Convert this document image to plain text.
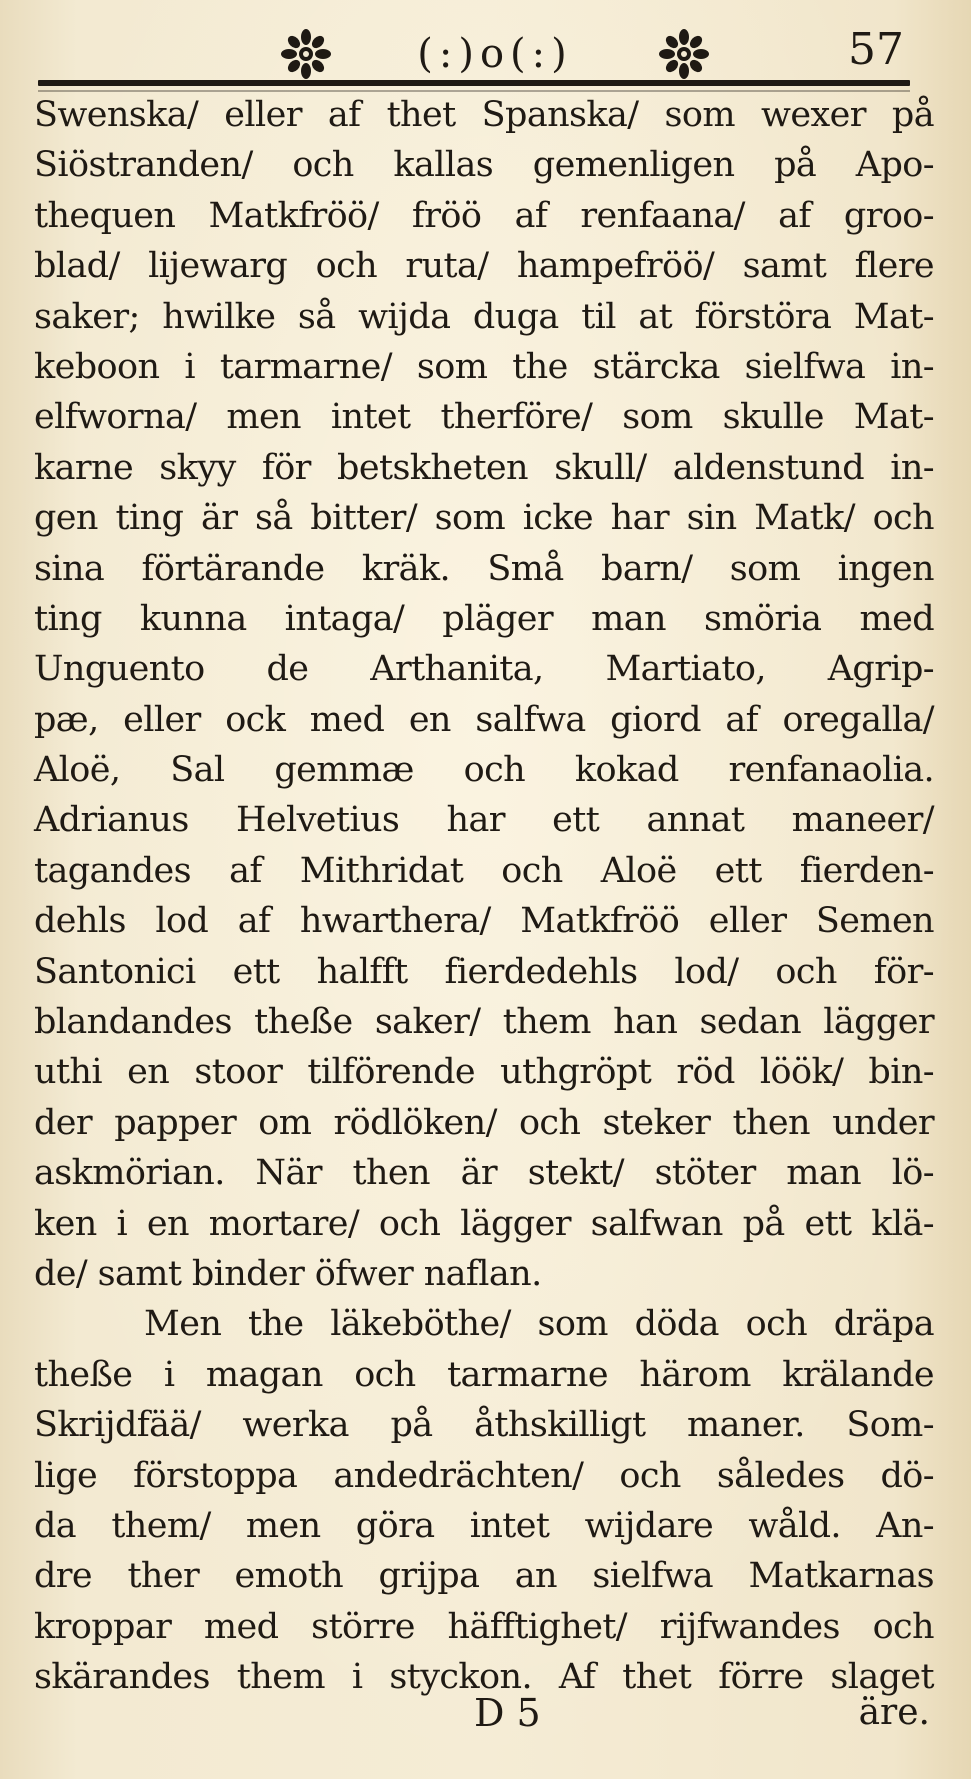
(:)o(:)	57
Swenska/ eller af thet Spanska/ som wexer på
Siöstranden/ och kallas gemenligen på Apo-
thequen Matkfröö/ fröö af renfaana/ af groo-
blad/ lijewarg och ruta/ hampefröö/ samt flere
saker; hwilke så wijda duga til at förstöra Mat-
keboon i tarmarne/ som the stärcka sielfwa in-
elfworna/ men intet therföre/ som skulle Mat-
karne skyy för betskheten skull/ aldenstund in-
gen ting är så bitter/ som icke har sin Matk/ och
sina förtärande kräk. Små barn/ som ingen
ting kunna intaga/ pläger man smöria med
Unguento de Arthanita, Martiato, Agrip-
pæ, eller ock med en salfwa giord af oregalla/
Aloë, Sal gemmæ och kokad renfanaolia.
Adrianus Helvetius har ett annat maneer/
tagandes af Mithridat och Aloë ett fierden-
dehls lod af hwarthera/ Matkfröö eller Semen
Santonici ett halfft fierdedehls lod/ och för-
blandandes theße saker/ them han sedan lägger
uthi en stoor tilförende uthgröpt röd löök/ bin-
der papper om rödlöken/ och steker then under
askmörian. När then är stekt/ stöter man lö-
ken i en mortare/ och lägger salfwan på ett klä-
de/ samt binder öfwer naflan.
Men the läkeböthe/ som döda och dräpa
theße i magan och tarmarne härom krälande
Skrijdfää/ werka på åthskilligt maner. Som-
lige förstoppa andedrächten/ och således dö-
da them/ men göra intet wijdare wåld. An-
dre ther emoth grijpa an sielfwa Matkarnas
kroppar med större häfftighet/ rijfwandes och
skärandes them i styckon. Af thet förre slaget
D 5	äre.
